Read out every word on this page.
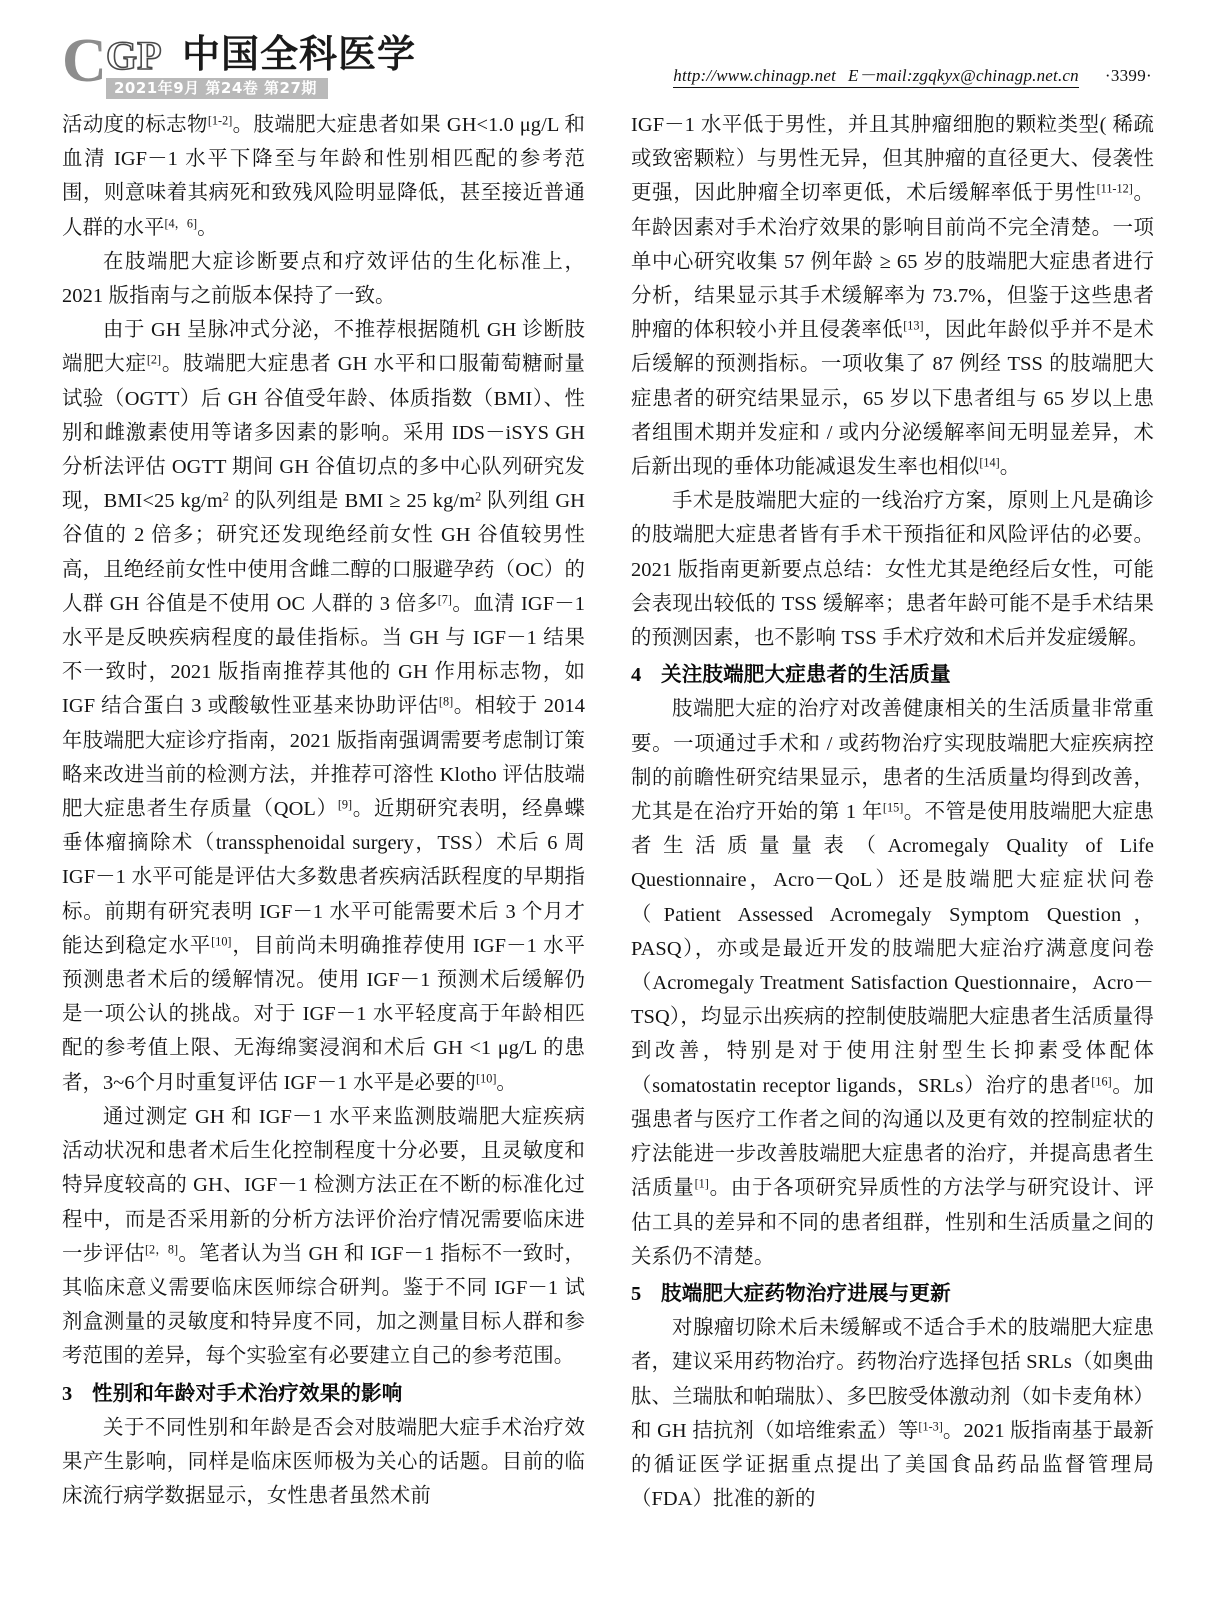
C GP 中国全科医学
2021年9月 第24卷 第27期
http://www.chinagp.net E－mail:zgqkyx@chinagp.net.cn ·3399·

活动度的标志物[1-2]。肢端肥大症患者如果 GH<1.0 μg/L 和血清 IGF－1 水平下降至与年龄和性别相匹配的参考范围，则意味着其病死和致残风险明显降低，甚至接近普通人群的水平[4，6]。

在肢端肥大症诊断要点和疗效评估的生化标准上，2021 版指南与之前版本保持了一致。

由于 GH 呈脉冲式分泌，不推荐根据随机 GH 诊断肢端肥大症[2]。肢端肥大症患者 GH 水平和口服葡萄糖耐量试验（OGTT）后 GH 谷值受年龄、体质指数（BMI）、性别和雌激素使用等诸多因素的影响。采用 IDS－iSYS GH 分析法评估 OGTT 期间 GH 谷值切点的多中心队列研究发现，BMI<25 $kg/m^2$ 的队列组是 BMI ≥ 25 $kg/m^2$ 队列组 GH 谷值的 2 倍多；研究还发现绝经前女性 GH 谷值较男性高，且绝经前女性中使用含雌二醇的口服避孕药（OC）的人群 GH 谷值是不使用 OC 人群的 3 倍多[7]。血清 IGF－1 水平是反映疾病程度的最佳指标。当 GH 与 IGF－1 结果不一致时，2021 版指南推荐其他的 GH 作用标志物，如 IGF 结合蛋白 3 或酸敏性亚基来协助评估[8]。相较于 2014 年肢端肥大症诊疗指南，2021 版指南强调需要考虑制订策略来改进当前的检测方法，并推荐可溶性 Klotho 评估肢端肥大症患者生存质量（QOL）[9]。近期研究表明，经鼻蝶垂体瘤摘除术（transsphenoidal surgery，TSS）术后 6 周 IGF－1 水平可能是评估大多数患者疾病活跃程度的早期指标。前期有研究表明 IGF－1 水平可能需要术后 3 个月才能达到稳定水平[10]，目前尚未明确推荐使用 IGF－1 水平预测患者术后的缓解情况。使用 IGF－1 预测术后缓解仍是一项公认的挑战。对于 IGF－1 水平轻度高于年龄相匹配的参考值上限、无海绵窦浸润和术后 GH <1 μg/L 的患者，3~6个月时重复评估 IGF－1 水平是必要的[10]。

通过测定 GH 和 IGF－1 水平来监测肢端肥大症疾病活动状况和患者术后生化控制程度十分必要，且灵敏度和特异度较高的 GH、IGF－1 检测方法正在不断的标准化过程中，而是否采用新的分析方法评价治疗情况需要临床进一步评估[2，8]。笔者认为当 GH 和 IGF－1 指标不一致时，其临床意义需要临床医师综合研判。鉴于不同 IGF－1 试剂盒测量的灵敏度和特异度不同，加之测量目标人群和参考范围的差异，每个实验室有必要建立自己的参考范围。

3 性别和年龄对手术治疗效果的影响

关于不同性别和年龄是否会对肢端肥大症手术治疗效果产生影响，同样是临床医师极为关心的话题。目前的临床流行病学数据显示，女性患者虽然术前

IGF－1 水平低于男性，并且其肿瘤细胞的颗粒类型( 稀疏或致密颗粒）与男性无异，但其肿瘤的直径更大、侵袭性更强，因此肿瘤全切率更低，术后缓解率低于男性[11-12]。年龄因素对手术治疗效果的影响目前尚不完全清楚。一项单中心研究收集 57 例年龄 ≥ 65 岁的肢端肥大症患者进行分析，结果显示其手术缓解率为 73.7%，但鉴于这些患者肿瘤的体积较小并且侵袭率低[13]，因此年龄似乎并不是术后缓解的预测指标。一项收集了 87 例经 TSS 的肢端肥大症患者的研究结果显示，65 岁以下患者组与 65 岁以上患者组围术期并发症和 / 或内分泌缓解率间无明显差异，术后新出现的垂体功能减退发生率也相似[14]。

手术是肢端肥大症的一线治疗方案，原则上凡是确诊的肢端肥大症患者皆有手术干预指征和风险评估的必要。2021 版指南更新要点总结：女性尤其是绝经后女性，可能会表现出较低的 TSS 缓解率；患者年龄可能不是手术结果的预测因素，也不影响 TSS 手术疗效和术后并发症缓解。

4 关注肢端肥大症患者的生活质量

肢端肥大症的治疗对改善健康相关的生活质量非常重要。一项通过手术和 / 或药物治疗实现肢端肥大症疾病控制的前瞻性研究结果显示，患者的生活质量均得到改善，尤其是在治疗开始的第 1 年[15]。不管是使用肢端肥大症患者生活质量量表（Acromegaly Quality of Life Questionnaire，Acro－QoL）还是肢端肥大症症状问卷（Patient Assessed Acromegaly Symptom Question，PASQ），亦或是最近开发的肢端肥大症治疗满意度问卷（Acromegaly Treatment Satisfaction Questionnaire，Acro－TSQ），均显示出疾病的控制使肢端肥大症患者生活质量得到改善，特别是对于使用注射型生长抑素受体配体（somatostatin receptor ligands，SRLs）治疗的患者[16]。加强患者与医疗工作者之间的沟通以及更有效的控制症状的疗法能进一步改善肢端肥大症患者的治疗，并提高患者生活质量[1]。由于各项研究异质性的方法学与研究设计、评估工具的差异和不同的患者组群，性别和生活质量之间的关系仍不清楚。

5 肢端肥大症药物治疗进展与更新

对腺瘤切除术后未缓解或不适合手术的肢端肥大症患者，建议采用药物治疗。药物治疗选择包括 SRLs（如奥曲肽、兰瑞肽和帕瑞肽）、多巴胺受体激动剂（如卡麦角林）和 GH 拮抗剂（如培维索孟）等[1-3]。2021 版指南基于最新的循证医学证据重点提出了美国食品药品监督管理局（FDA）批准的新的
